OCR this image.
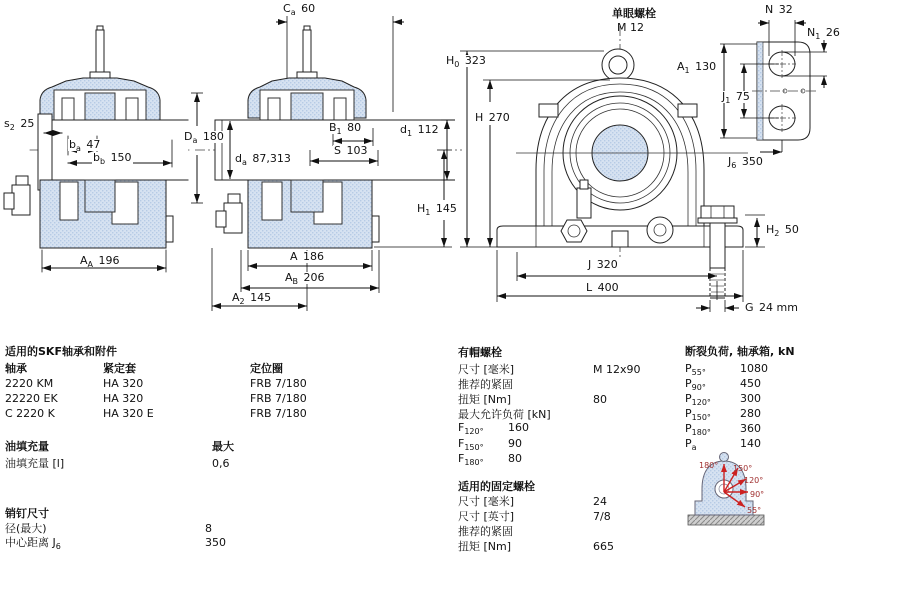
单眼螺栓
M 12
$s_2$ 25
$b_a$ 47
$b_b$ 150
$A_A$ 196
$C_a$ 60
$D_a$ 180
$d_a$ 87,313
$B_1$ 80
S 103
$d_1$ 112
$H_1$ 145
A 186
$A_B$ 206
$A_2$ 145
$H_0$ 323
H 270
J 320
L 400
$H_2$ 50
G 24 mm
N 32
$N_1$ 26
$A_1$ 130
$J_1$ 75
$J_6$ 350
180° 150°
120°
90°
55°
适用的SKF轴承和附件
轴承	紧定套	定位圈
2220 KM	HA 320	FRB 7/180
22220 EK	HA 320	FRB 7/180
C 2220 K	HA 320 E	FRB 7/180
油填充量	最大
油填充量 [l]	0,6
销钉尺寸
径(最大)	8
中心距离 $J_6$	350
有帽螺栓
尺寸 [毫米]	M 12x90
推荐的紧固
扭矩 [Nm]	80
最大允许负荷 [kN]
$F_{120^\circ}$ 160
$F_{150^\circ}$ 90
$F_{180^\circ}$ 80
适用的固定螺栓
尺寸 [毫米]	24
尺寸 [英寸]	7/8
推荐的紧固
扭矩 [Nm]	665
断裂负荷, 轴承箱, kN
$P_{55^\circ}$	1080
$P_{90^\circ}$	450
$P_{120^\circ}$	300
$P_{150^\circ}$	280
$P_{180^\circ}$	360
$P_a$	140
